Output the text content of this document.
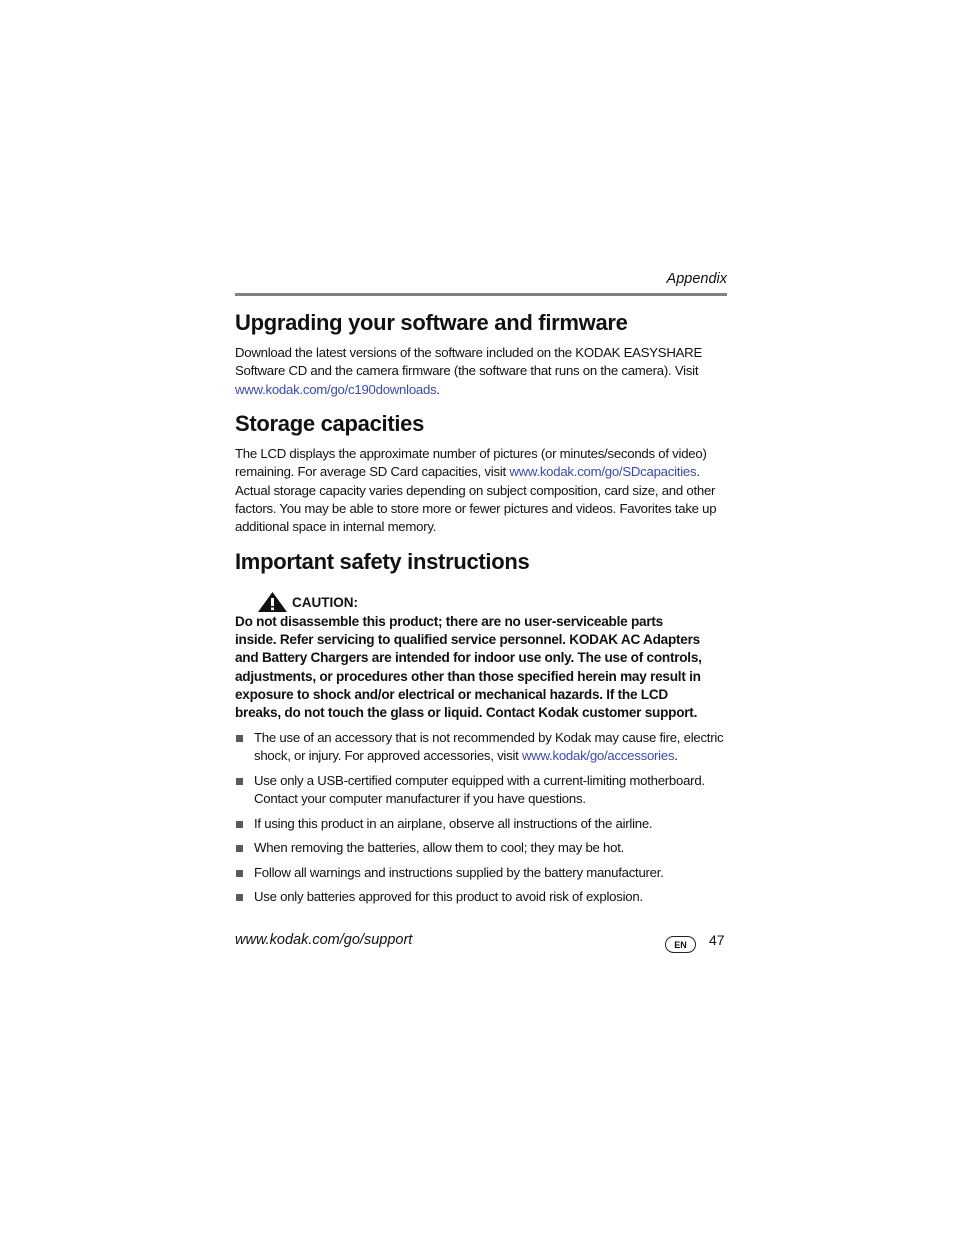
Appendix
Upgrading your software and firmware
Download the latest versions of the software included on the KODAK EASYSHARE
Software CD and the camera firmware (the software that runs on the camera). Visit
www.kodak.com/go/c190downloads.
Storage capacities
The LCD displays the approximate number of pictures (or minutes/seconds of video)
remaining. For average SD Card capacities, visit www.kodak.com/go/SDcapacities.
Actual storage capacity varies depending on subject composition, card size, and other
factors. You may be able to store more or fewer pictures and videos. Favorites take up
additional space in internal memory.
Important safety instructions
CAUTION:
Do not disassemble this product; there are no user-serviceable parts
inside. Refer servicing to qualified service personnel. KODAK AC Adapters
and Battery Chargers are intended for indoor use only. The use of controls,
adjustments, or procedures other than those specified herein may result in
exposure to shock and/or electrical or mechanical hazards. If the LCD
breaks, do not touch the glass or liquid. Contact Kodak customer support.
The use of an accessory that is not recommended by Kodak may cause fire, electric
shock, or injury. For approved accessories, visit www.kodak/go/accessories.
Use only a USB-certified computer equipped with a current-limiting motherboard.
Contact your computer manufacturer if you have questions.
If using this product in an airplane, observe all instructions of the airline.
When removing the batteries, allow them to cool; they may be hot.
Follow all warnings and instructions supplied by the battery manufacturer.
Use only batteries approved for this product to avoid risk of explosion.
www.kodak.com/go/support	EN	47
